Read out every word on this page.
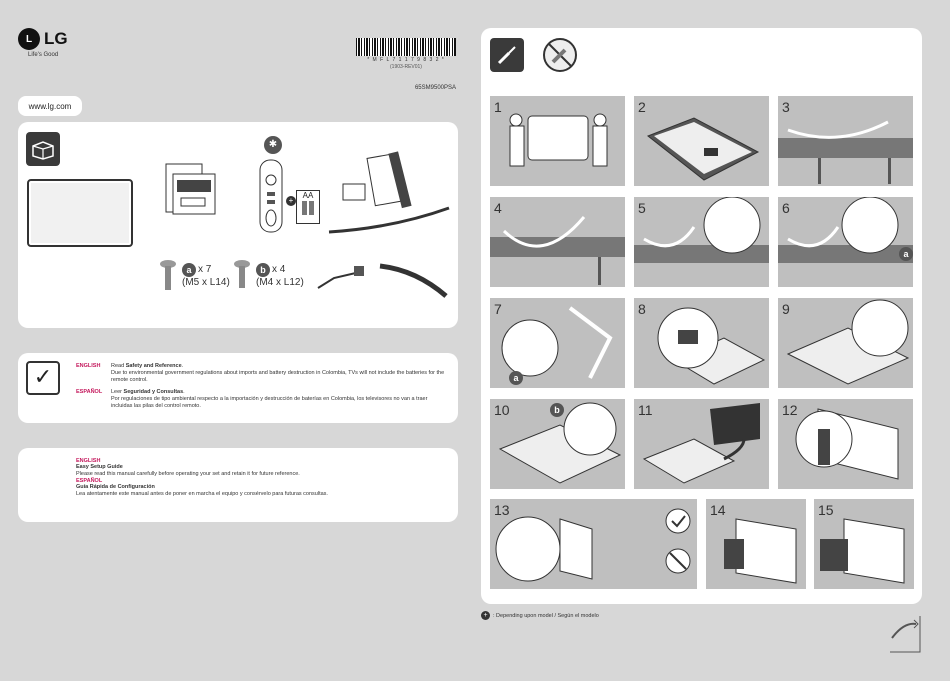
L LG
Life's Good
* M F L 7 1 1 7 9 8 3 2 *
(1903-REV01)
65SM9500PSA
www.lg.com
✱
+
AA
a x 7
(M5 x L14)
b x 4
(M4 x L12)
✓	ENGLISH Read Safety and Reference.
Due to environmental government regulations about imports and battery destruction in Colombia, TVs will not include the batteries for the remote control.
ESPAÑOL Leer Seguridad y Consultas.
Por regulaciones de tipo ambiental respecto a la importación y destrucción de baterías en Colombia, los televisores no van a traer incluidas las pilas del control remoto.
ENGLISH
Easy Setup Guide
Please read this manual carefully before operating your set and retain it for future reference.
ESPAÑOL
Guía Rápida de Configuración
Lea atentamente este manual antes de poner en marcha el equipo y consérvelo para futuras consultas.
1	2	3
4	5	6
a
7
a
8	9
10	b	11	12
13	14	15
+ : Depending upon model / Según el modelo
